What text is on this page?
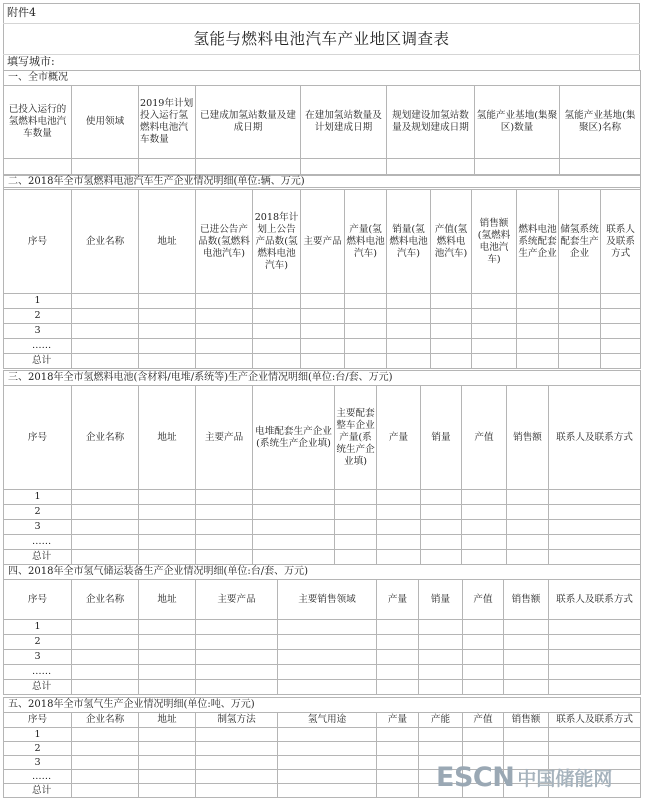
附件4
氢能与燃料电池汽车产业地区调查表
填写城市:
一、全市概况							
已投入运行的氢燃料电池汽车数量	使用领域	2019年计划投入运行氢燃料电池汽车数量	已建成加氢站数量及建成日期	在建加氢站数量及计划建成日期	规划建设加氢站数量及规划建成日期	氢能产业基地(集聚区)数量	氢能产业基地(集聚区)名称

二、2018年全市氢燃料电池汽车生产企业情况明细(单位:辆、万元)												
序号	企业名称	地址	已进公告产品数(氢燃料电池汽车)	2018年计划上公告产品数(氢燃料电池汽车)	主要产品	产量(氢燃料电池汽车)	销量(氢燃料电池汽车)	产值(氢燃料电池汽车)	销售额(氢燃料电池汽车)	燃料电池系统配套生产企业	储氢系统配套生产企业	联系人及联系方式
1												
2												
3												
……												
总计												
三、2018年全市氢燃料电池(含材料/电堆/系统等)生产企业情况明细(单位:台/套、万元)										
序号	企业名称	地址	主要产品	电堆配套生产企业(系统生产企业填)	主要配套整车企业产量(系统生产企业填)	产量	销量	产值	销售额	联系人及联系方式
1										
2										
3										
……										
总计										
四、2018年全市氢气储运装备生产企业情况明细(单位:台/套、万元)									
序号	企业名称	地址	主要产品	主要销售领域	产量	销量	产值	销售额	联系人及联系方式
1									
2									
3									
……									
总计									
五、2018年全市氢气生产企业情况明细(单位:吨、万元)									
序号	企业名称	地址	制氢方法	氢气用途	产量	产能	产值	销售额	联系人及联系方式
1									
2									
3									
……									
总计										ESCN 中国储能网
